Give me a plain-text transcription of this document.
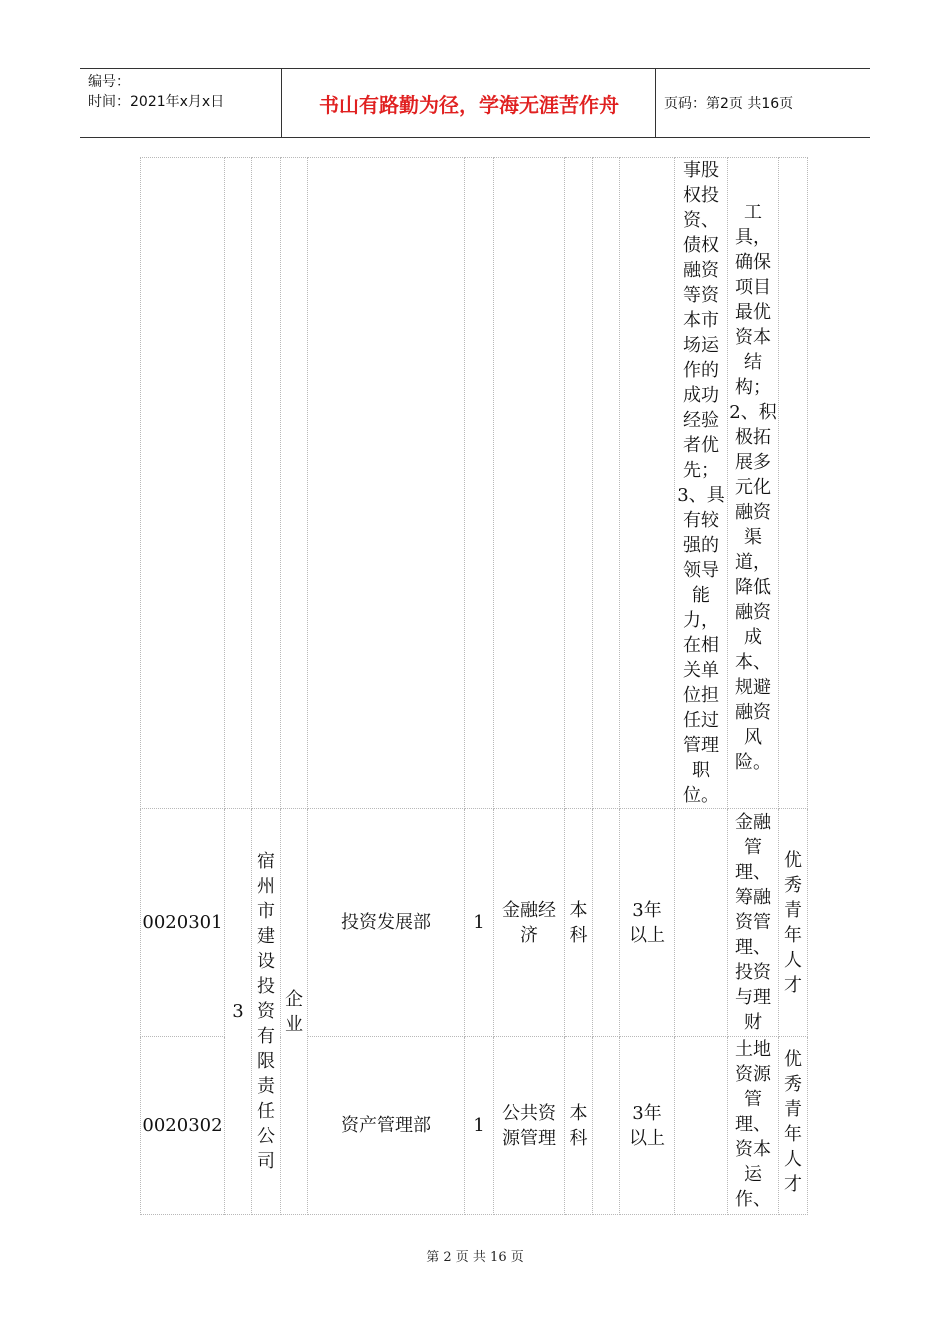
编号：
时间：2021年x月x日	书山有路勤为径，学海无涯苦作舟	页码：第2页 共16页
										事股权投资、债权融资等资本市场运作的成功经验者优先；3、具有较强的领导能力，在相关单位担任过管理职位。	工具，确保项目最优资本结构；2、积极拓展多元化融资渠道，降低融资成本、规避融资风险。	
0020301	3	宿州市建设投资有限责任公司	企业	投资发展部	1	金融经济	本科		3年以上		金融管理、筹融资管理、投资与理财	优秀青年人才
0020302				资产管理部	1	公共资源管理	本科		3年以上		土地资源管理、资本运作、	优秀青年人才
第 2 页 共 16 页
